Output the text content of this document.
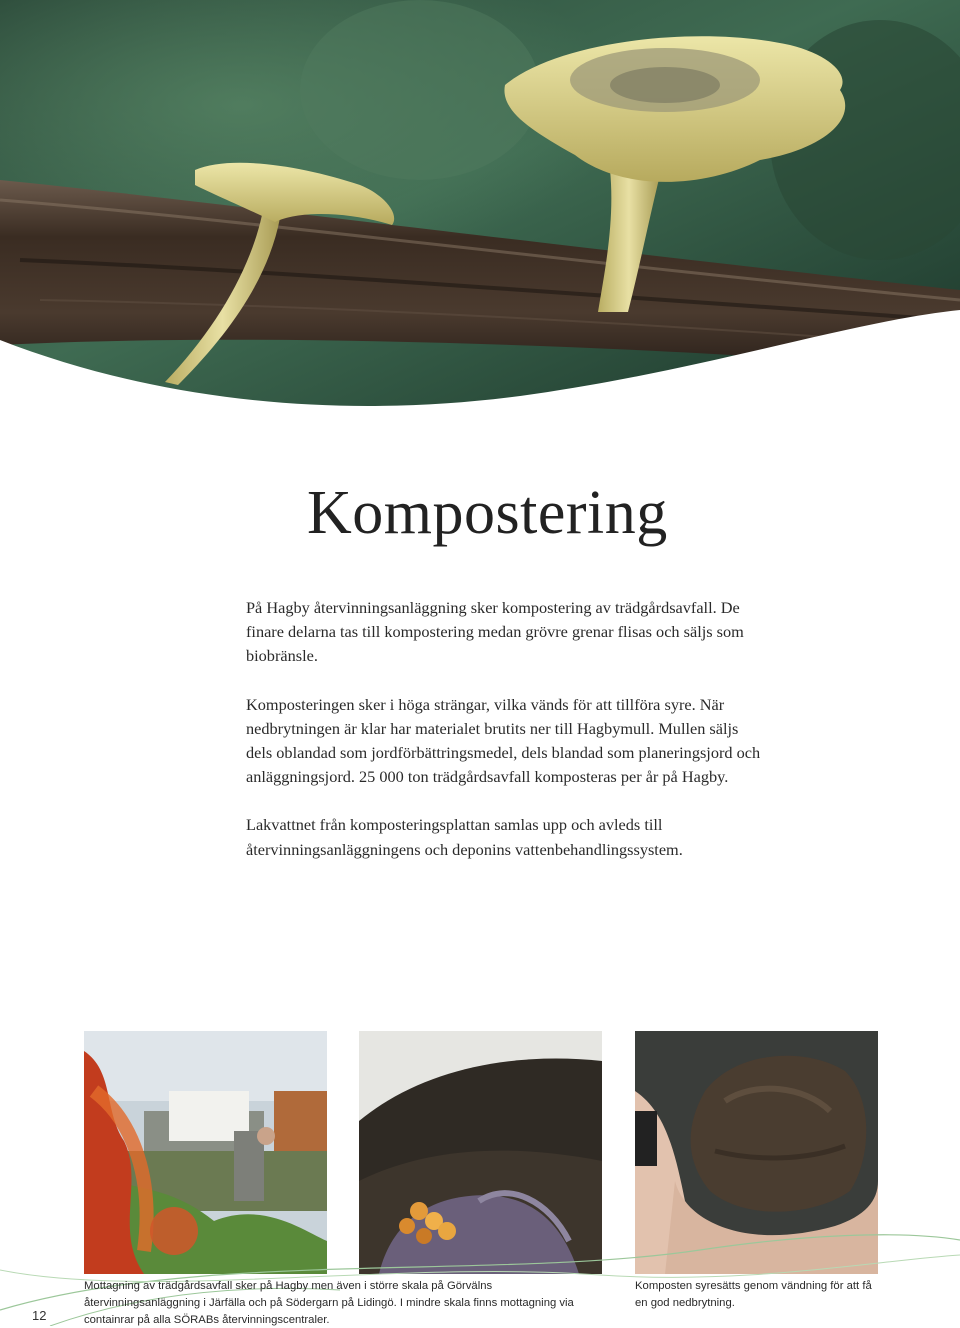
Kompostering

På Hagby återvinningsanläggning sker kompostering av trädgårdsavfall. De finare delarna tas till kompostering medan grövre grenar flisas och säljs som biobränsle.

Komposteringen sker i höga strängar, vilka vänds för att tillföra syre. När nedbrytningen är klar har materialet brutits ner till Hagbymull. Mullen säljs dels oblandad som jordförbättringsmedel, dels blandad som planeringsjord och anläggningsjord. 25 000 ton trädgårdsavfall komposteras per år på Hagby.

Lakvattnet från komposteringsplattan samlas upp och avleds till återvinningsanläggningens och deponins vattenbehandlingssystem.

12
Mottagning av trädgårdsavfall sker på Hagby men även i större skala på Görvälns återvinningsanläggning i Järfälla och på Södergarn på Lidingö. I mindre skala finns mottagning via containrar på alla SÖRABs återvinningscentraler.
Komposten syresätts genom vändning för att få en god nedbrytning.
